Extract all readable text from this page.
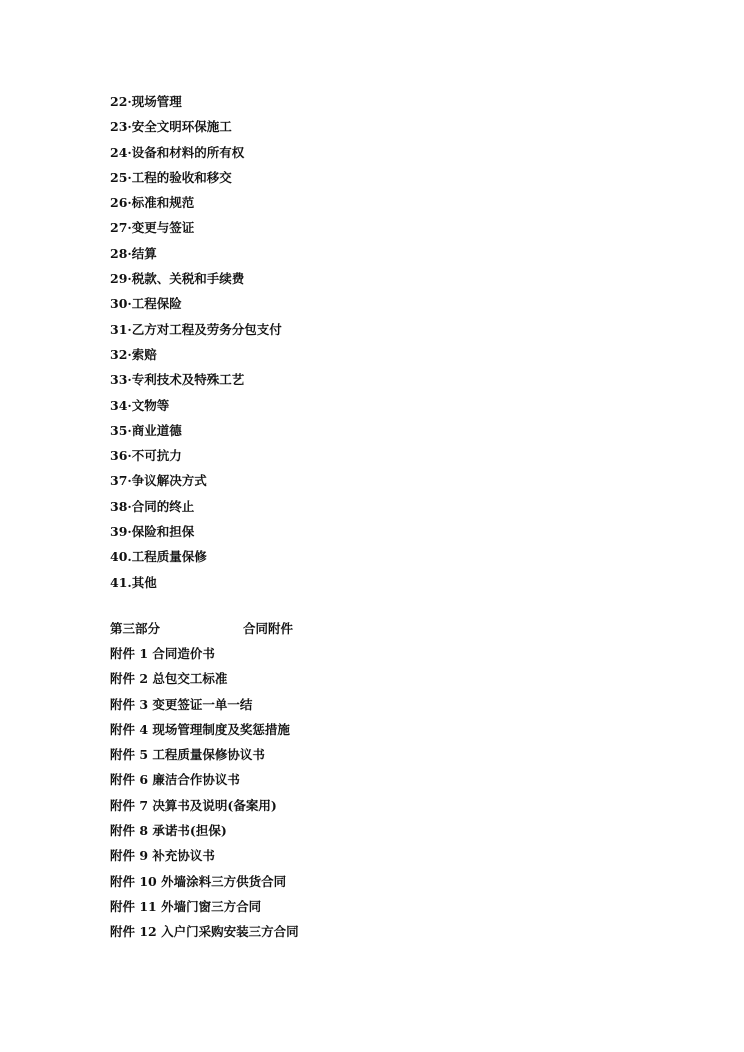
22·现场管理
23·安全文明环保施工
24·设备和材料的所有权
25·工程的验收和移交
26·标准和规范
27·变更与签证
28·结算
29·税款、关税和手续费
30·工程保险
31·乙方对工程及劳务分包支付
32·索赔
33·专利技术及特殊工艺
34·文物等
35·商业道德
36·不可抗力
37·争议解决方式
38·合同的终止
39·保险和担保
40.工程质量保修
41.其他
第三部分	合同附件
附件 1 合同造价书
附件 2 总包交工标准
附件 3 变更签证一单一结
附件 4 现场管理制度及奖惩措施
附件 5 工程质量保修协议书
附件 6 廉洁合作协议书
附件 7 决算书及说明(备案用)
附件 8 承诺书(担保)
附件 9 补充协议书
附件 10 外墙涂料三方供货合同
附件 11 外墙门窗三方合同
附件 12 入户门采购安装三方合同
